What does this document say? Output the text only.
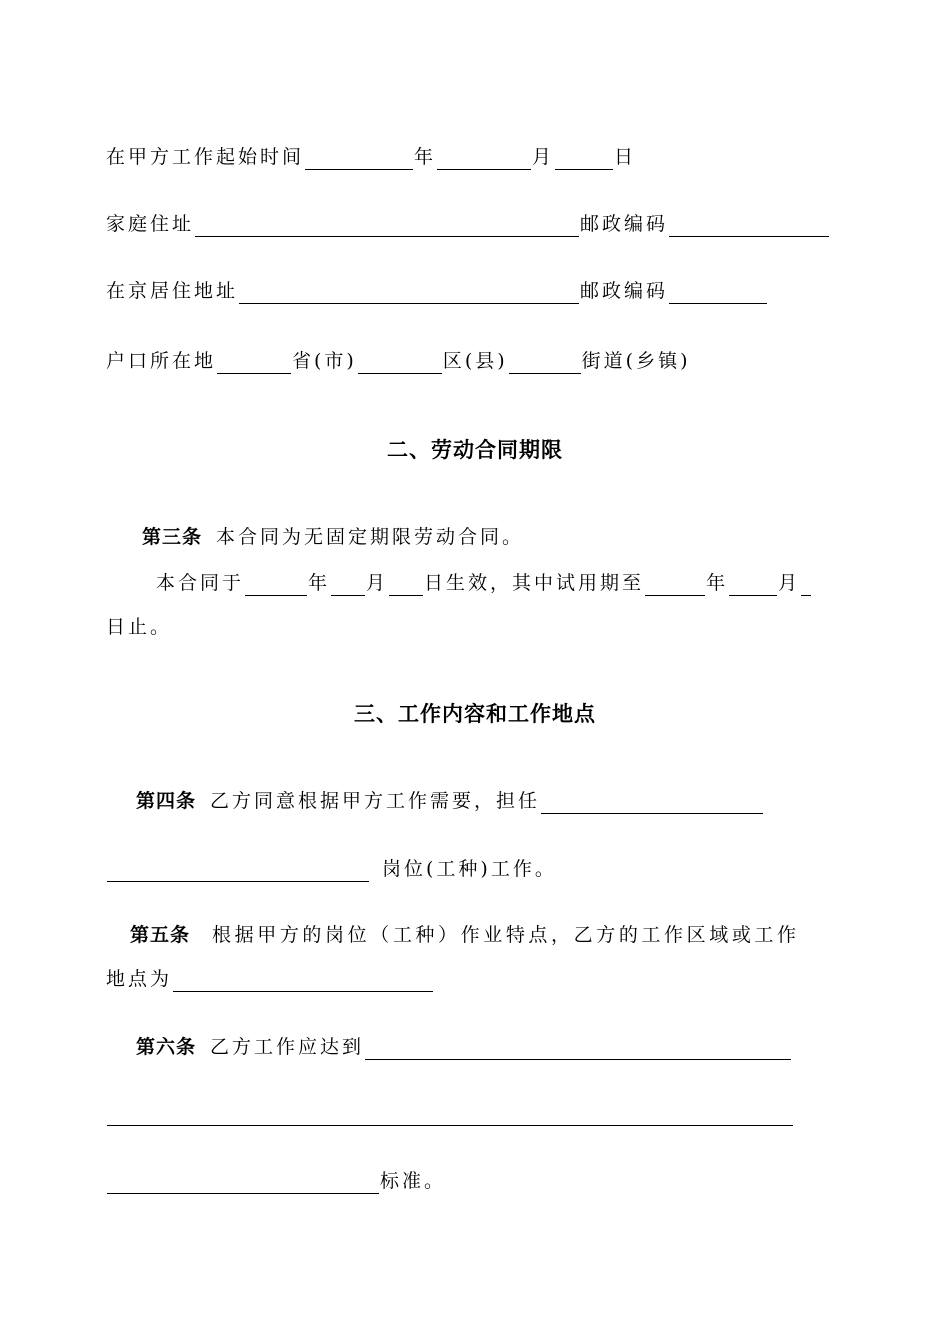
在甲方工作起始时间	年	月	日
家庭住址	邮政编码
在京居住地址	邮政编码
户口所在地	省(市)	区(县)	街道(乡镇)
二、劳动合同期限
第三条 本合同为无固定期限劳动合同。
本合同于	年 月 日生效，其中试用期至	年	月
日止。
三、工作内容和工作地点
第四条 乙方同意根据甲方工作需要，担任
岗位(工种)工作。
第五条 根据甲方的岗位（工种）作业特点，乙方的工作区域或工作
地点为
第六条 乙方工作应达到
标准。
